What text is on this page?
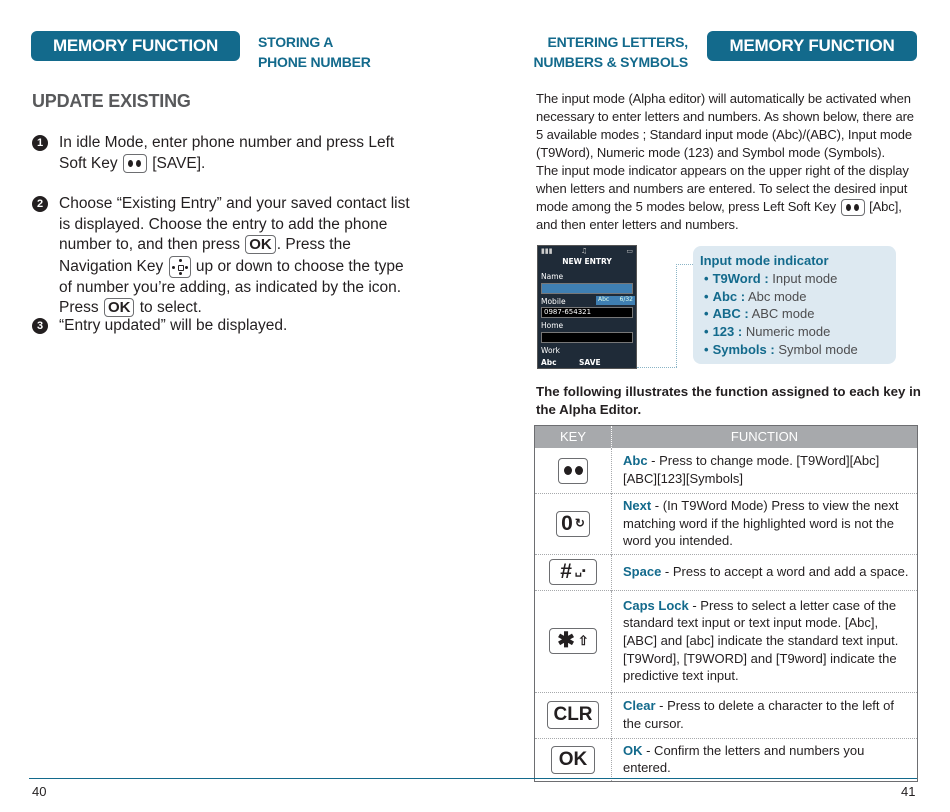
MEMORY FUNCTION	STORING A
PHONE NUMBER
UPDATE EXISTING
1	In idle Mode, enter phone number and press Left Soft Key [SAVE].
2	Choose “Existing Entry” and your saved contact list is displayed. Choose the entry to add the phone number to, and then press OK . Press the Navigation Key up or down to choose the type of number you’re adding, as indicated by the icon. Press OK to select.
3	“Entry updated” will be displayed.
ENTERING LETTERS,
NUMBERS & SYMBOLS
MEMORY FUNCTION
The input mode (Alpha editor) will automatically be activated when necessary to enter letters and numbers. As shown below, there are 5 available modes ; Standard input mode (Abc)/(ABC), Input mode (T9Word), Numeric mode (123) and Symbol mode (Symbols).
The input mode indicator appears on the upper right of the display when letters and numbers are entered. To select the desired input mode among the 5 modes below, press Left Soft Key	[Abc], and then enter letters and numbers.
▮▮▮	♫	▭
NEW ENTRY
Name
Mobile	Abc 6/32
0987-654321
Home
Work
Abc	SAVE
Input mode indicator
• T9Word : Input mode
• Abc : Abc mode
• ABC : ABC mode
• 123 : Numeric mode
• Symbols : Symbol mode
The following illustrates the function assigned to each key in the Alpha Editor.
KEY	FUNCTION

	Abc - Press to change mode. [T9Word][Abc][ABC][123][Symbols]
0 ↻	Next - (In T9Word Mode) Press to view the next matching word if the highlighted word is not the word you intended.
# ␣▪	Space - Press to accept a word and add a space.
✱ ⇧	Caps Lock - Press to select a letter case of the standard text input or text input mode. [Abc], [ABC] and [abc] indicate the standard text input. [T9Word], [T9WORD] and [T9word] indicate the predictive text input.
CLR	Clear - Press to delete a character to the left of the cursor.
OK	OK - Confirm the letters and numbers you entered.
40	41
